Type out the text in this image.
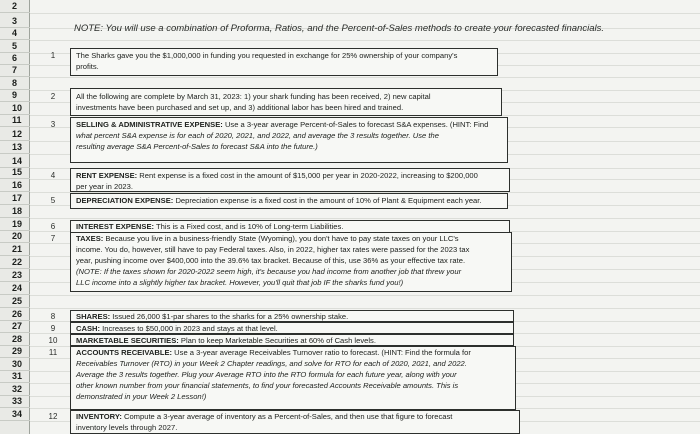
2
3
4
5
6
7
8
9
10
11
12
13
14
15
16
17
18
19
20
21
22
23
24
25
26
27
28
29
30
31
32
33
34
NOTE: You will use a combination of Proforma, Ratios, and the Percent-of-Sales methods to create your forecasted financials.
1	The Sharks gave you the $1,000,000 in funding you requested in exchange for 25% ownership of your company's
profits.
2	All the following are complete by March 31, 2023: 1) your shark funding has been received, 2) new capital
investments have been purchased and set up, and 3) additional labor has been hired and trained.
3	SELLING & ADMINISTRATIVE EXPENSE: Use a 3-year average Percent-of-Sales to forecast S&A expenses. (HINT: Find
what percent S&A expense is for each of 2020, 2021, and 2022, and average the 3 results together. Use the
resulting average S&A Percent-of-Sales to forecast S&A into the future.)
4	RENT EXPENSE: Rent expense is a fixed cost in the amount of $15,000 per year in 2020-2022, increasing to $200,000
per year in 2023.
5	DEPRECIATION EXPENSE: Depreciation expense is a fixed cost in the amount of 10% of Plant & Equipment each year.
6	INTEREST EXPENSE: This is a Fixed cost, and is 10% of Long-term Liabilities.
7	TAXES: Because you live in a business-friendly State (Wyoming), you don't have to pay state taxes on your LLC's
income. You do, however, still have to pay Federal taxes. Also, in 2022, higher tax rates were passed for the 2023 tax
year, pushing income over $400,000 into the 39.6% tax bracket. Because of this, use 36% as your effective tax rate.
(NOTE: If the taxes shown for 2020-2022 seem high, it's because you had income from another job that threw your
LLC income into a slightly higher tax bracket. However, you'll quit that job IF the sharks fund you!)
8	SHARES: Issued 26,000 $1-par shares to the sharks for a 25% ownership stake.
9	CASH: Increases to $50,000 in 2023 and stays at that level.
10	MARKETABLE SECURITIES: Plan to keep Marketable Securities at 60% of Cash levels.
11	ACCOUNTS RECEIVABLE: Use a 3-year average Receivables Turnover ratio to forecast. (HINT: Find the formula for
Receivables Turnover (RTO) in your Week 2 Chapter readings, and solve for RTO for each of 2020, 2021, and 2022.
Average the 3 results together. Plug your Average RTO into the RTO formula for each future year, along with your
other known number from your financial statements, to find your forecasted Accounts Receivable amounts. This is
demonstrated in your Week 2 Lesson!)
12	INVENTORY: Compute a 3-year average of inventory as a Percent-of-Sales, and then use that figure to forecast
inventory levels through 2027.
